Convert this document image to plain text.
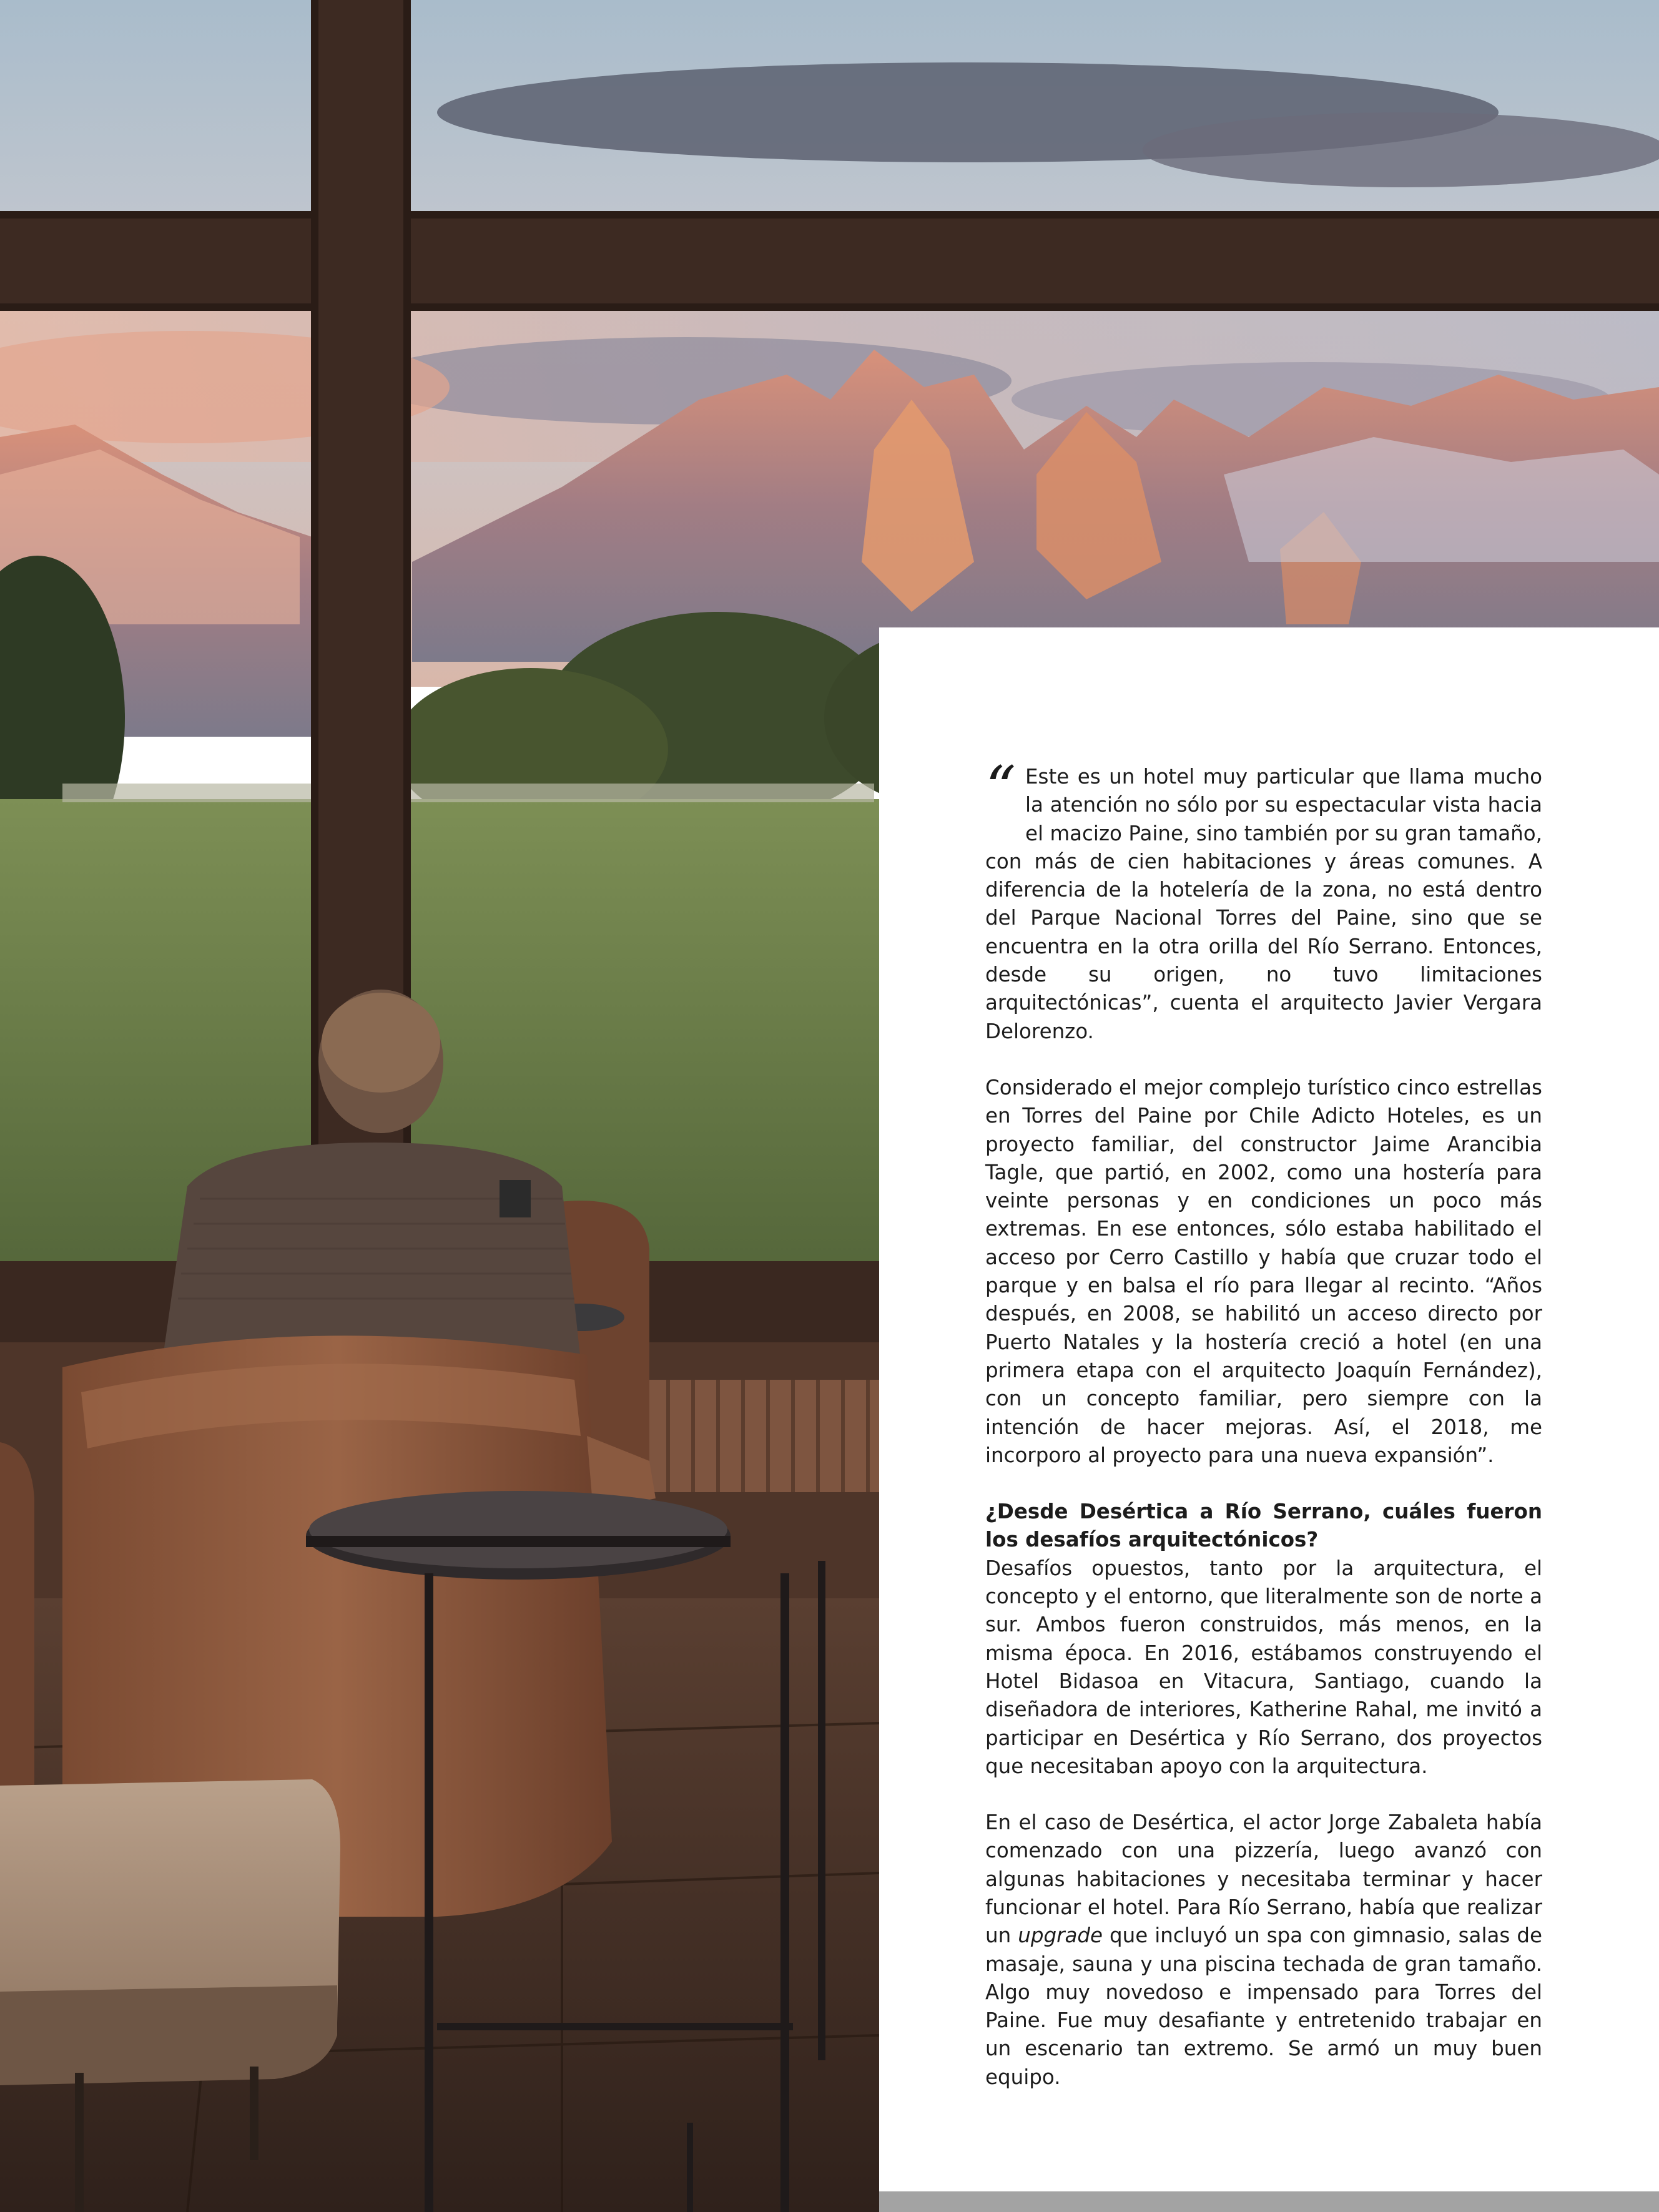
“ Este es un hotel muy particular que llama mucho la atención no sólo por su espectacular vista hacia el macizo Paine, sino también por su gran tamaño, con más de cien habitaciones y áreas comunes. A diferencia de la hotelería de la zona, no está dentro del Parque Nacional Torres del Paine, sino que se encuentra en la otra orilla del Río Serrano. Entonces, desde su origen, no tuvo limitaciones arquitectónicas”, cuenta el arquitecto Javier Vergara Delorenzo.

Considerado el mejor complejo turístico cinco estrellas en Torres del Paine por Chile Adicto Hoteles, es un proyecto familiar, del constructor Jaime Arancibia Tagle, que partió, en 2002, como una hostería para veinte personas y en condiciones un poco más extremas. En ese entonces, sólo estaba habilitado el acceso por Cerro Castillo y había que cruzar todo el parque y en balsa el río para llegar al recinto. “Años después, en 2008, se habilitó un acceso directo por Puerto Natales y la hostería creció a hotel (en una primera etapa con el arquitecto Joaquín Fernández), con un concepto familiar, pero siempre con la intención de hacer mejoras. Así, el 2018, me incorporo al proyecto para una nueva expansión”.

¿Desde Desértica a Río Serrano, cuáles fueron los desafíos arquitectónicos?
Desafíos opuestos, tanto por la arquitectura, el concepto y el entorno, que literalmente son de norte a sur. Ambos fueron construidos, más menos, en la misma época. En 2016, estábamos construyendo el Hotel Bidasoa en Vitacura, Santiago, cuando la diseñadora de interiores, Katherine Rahal, me invitó a participar en Desértica y Río Serrano, dos proyectos que necesitaban apoyo con la arquitectura.

En el caso de Desértica, el actor Jorge Zabaleta había comenzado con una pizzería, luego avanzó con algunas habitaciones y necesitaba terminar y hacer funcionar el hotel. Para Río Serrano, había que realizar un upgrade que incluyó un spa con gimnasio, salas de masaje, sauna y una piscina techada de gran tamaño. Algo muy novedoso e impensado para Torres del Paine. Fue muy desafiante y entretenido trabajar en un escenario tan extremo. Se armó un muy buen equipo.
